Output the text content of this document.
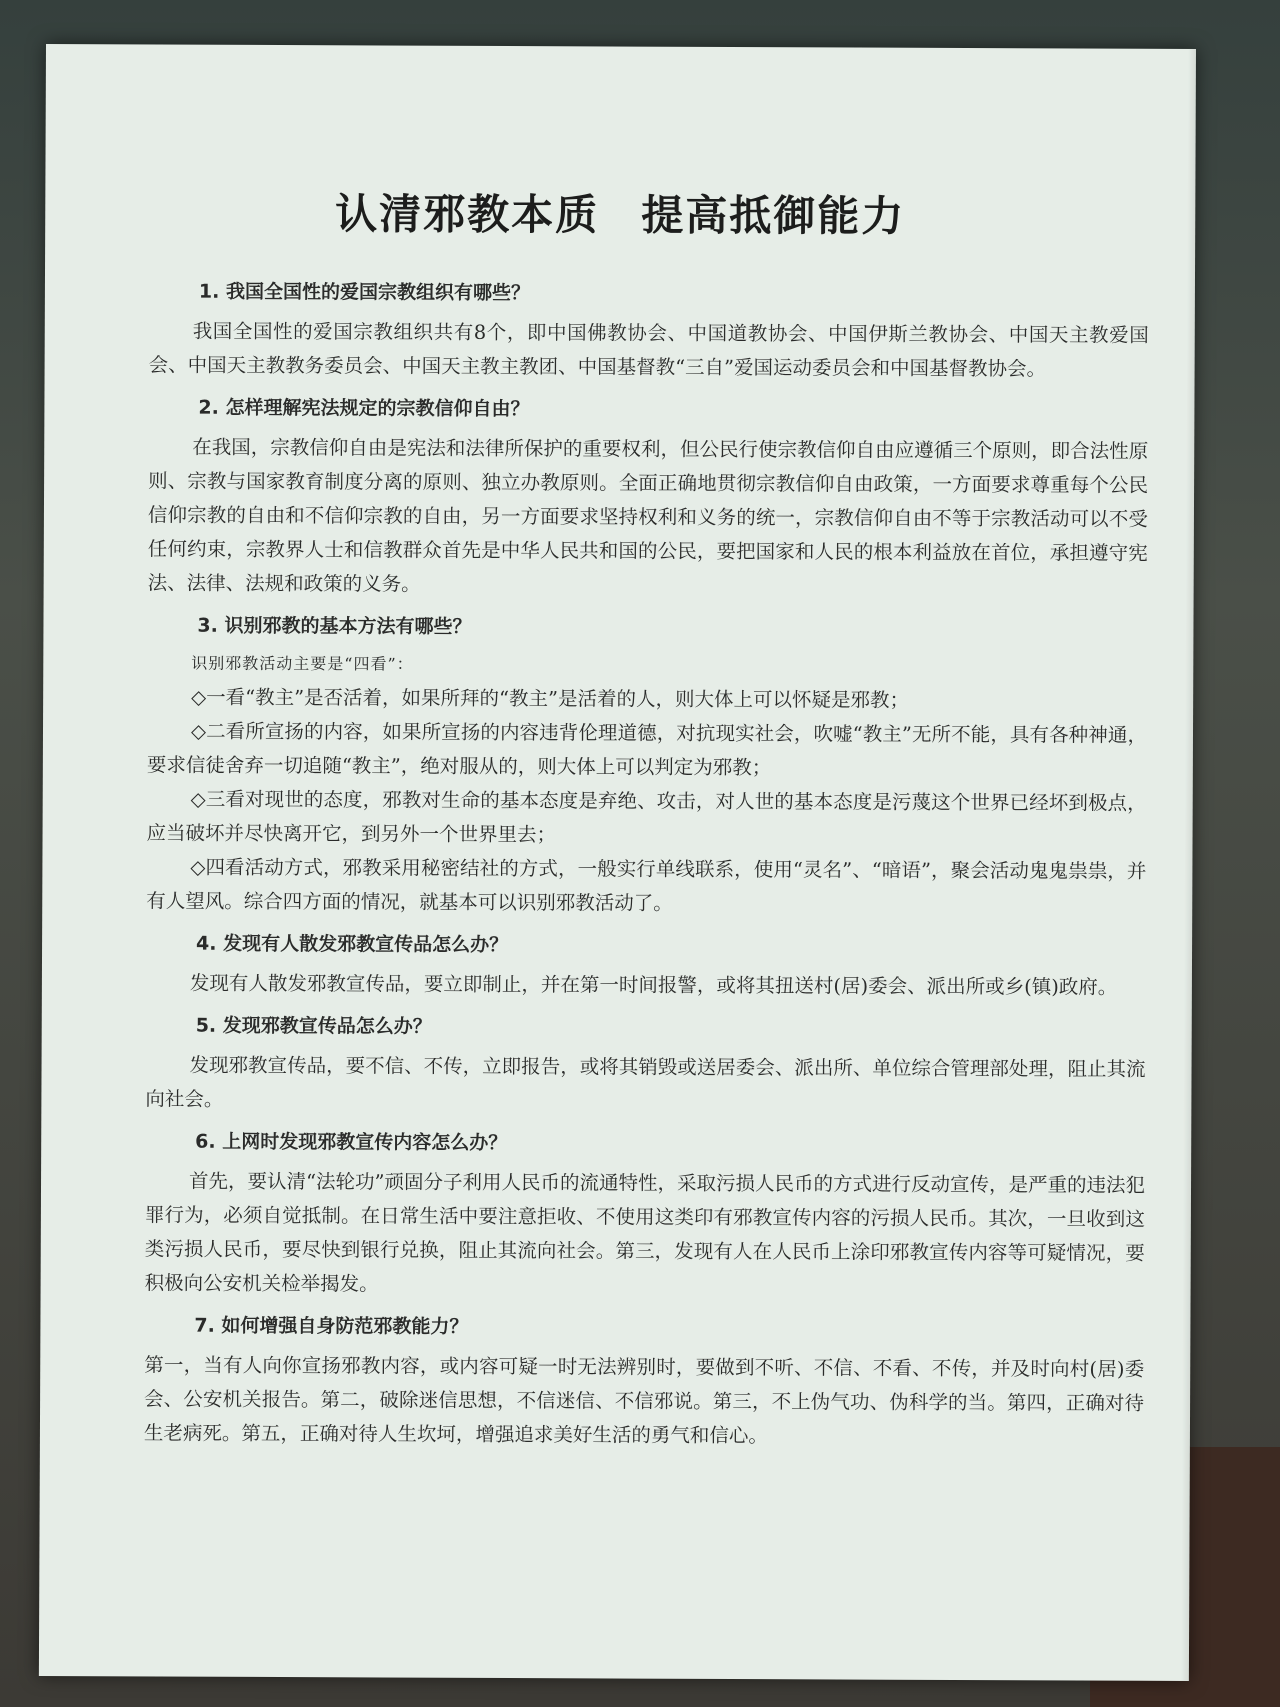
认清邪教本质 提高抵御能力
1. 我国全国性的爱国宗教组织有哪些？
我国全国性的爱国宗教组织共有8个，即中国佛教协会、中国道教协会、中国伊斯兰教协会、中国天主教爱国会、中国天主教教务委员会、中国天主教主教团、中国基督教“三自”爱国运动委员会和中国基督教协会。
2. 怎样理解宪法规定的宗教信仰自由？
在我国，宗教信仰自由是宪法和法律所保护的重要权利，但公民行使宗教信仰自由应遵循三个原则，即合法性原则、宗教与国家教育制度分离的原则、独立办教原则。全面正确地贯彻宗教信仰自由政策，一方面要求尊重每个公民信仰宗教的自由和不信仰宗教的自由，另一方面要求坚持权利和义务的统一，宗教信仰自由不等于宗教活动可以不受任何约束，宗教界人士和信教群众首先是中华人民共和国的公民，要把国家和人民的根本利益放在首位，承担遵守宪法、法律、法规和政策的义务。
3. 识别邪教的基本方法有哪些？
识别邪教活动主要是“四看”：
◇一看“教主”是否活着，如果所拜的“教主”是活着的人，则大体上可以怀疑是邪教；
◇二看所宣扬的内容，如果所宣扬的内容违背伦理道德，对抗现实社会，吹嘘“教主”无所不能，具有各种神通，要求信徒舍弃一切追随“教主”，绝对服从的，则大体上可以判定为邪教；
◇三看对现世的态度，邪教对生命的基本态度是弃绝、攻击，对人世的基本态度是污蔑这个世界已经坏到极点，应当破坏并尽快离开它，到另外一个世界里去；
◇四看活动方式，邪教采用秘密结社的方式，一般实行单线联系，使用“灵名”、“暗语”，聚会活动鬼鬼祟祟，并有人望风。综合四方面的情况，就基本可以识别邪教活动了。
4. 发现有人散发邪教宣传品怎么办？
发现有人散发邪教宣传品，要立即制止，并在第一时间报警，或将其扭送村(居)委会、派出所或乡(镇)政府。
5. 发现邪教宣传品怎么办？
发现邪教宣传品，要不信、不传，立即报告，或将其销毁或送居委会、派出所、单位综合管理部处理，阻止其流向社会。
6. 上网时发现邪教宣传内容怎么办？
首先，要认清“法轮功”顽固分子利用人民币的流通特性，采取污损人民币的方式进行反动宣传，是严重的违法犯罪行为，必须自觉抵制。在日常生活中要注意拒收、不使用这类印有邪教宣传内容的污损人民币。其次，一旦收到这类污损人民币，要尽快到银行兑换，阻止其流向社会。第三，发现有人在人民币上涂印邪教宣传内容等可疑情况，要积极向公安机关检举揭发。
7. 如何增强自身防范邪教能力？
第一，当有人向你宣扬邪教内容，或内容可疑一时无法辨别时，要做到不听、不信、不看、不传，并及时向村(居)委会、公安机关报告。第二，破除迷信思想，不信迷信、不信邪说。第三，不上伪气功、伪科学的当。第四，正确对待生老病死。第五，正确对待人生坎坷，增强追求美好生活的勇气和信心。
